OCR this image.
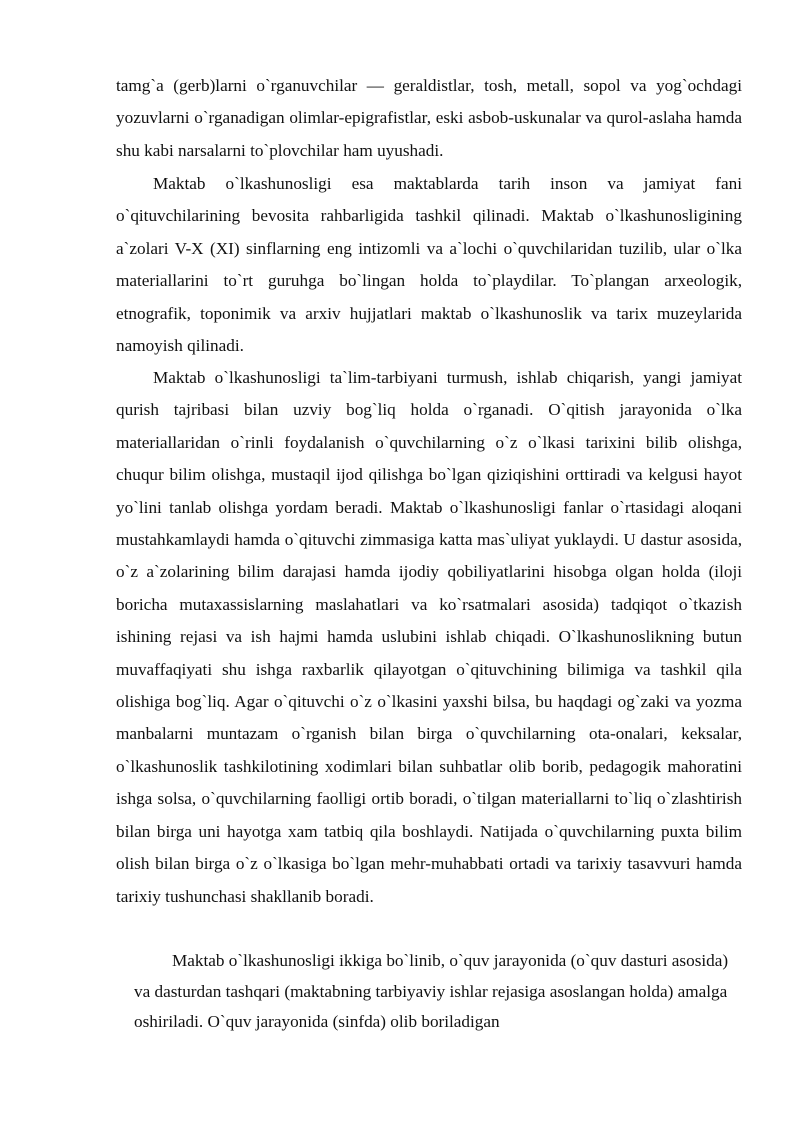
tamg`a (gerb)larni o`rganuvchilar — geraldistlar, tosh, metall, sopol va yog`ochdagi yozuvlarni o`rganadigan olimlar-epigrafistlar, eski asbob-uskunalar va qurol-aslaha hamda shu kabi narsalarni to`plovchilar ham uyushadi.

Maktab o`lkashunosligi esa maktablarda tarih inson va jamiyat fani o`qituvchilarining bevosita rahbarligida tashkil qilinadi. Maktab o`lkashunosligining a`zolari V-X (XI) sinflarning eng intizomli va a`lochi o`quvchilaridan tuzilib, ular o`lka materiallarini to`rt guruhga bo`lingan holda to`playdilar. To`plangan arxeologik, etnografik, toponimik va arxiv hujjatlari maktab o`lkashunoslik va tarix muzeylarida namoyish qilinadi.

Maktab o`lkashunosligi ta`lim-tarbiyani turmush, ishlab chiqarish, yangi jamiyat qurish tajribasi bilan uzviy bog`liq holda o`rganadi. O`qitish jarayonida o`lka materiallaridan o`rinli foydalanish o`quvchilarning o`z o`lkasi tarixini bilib olishga, chuqur bilim olishga, mustaqil ijod qilishga bo`lgan qiziqishini orttiradi va kelgusi hayot yo`lini tanlab olishga yordam beradi. Maktab o`lkashunosligi fanlar o`rtasidagi aloqani mustahkamlaydi hamda o`qituvchi zimmasiga katta mas`uliyat yuklaydi. U dastur asosida, o`z a`zolarining bilim darajasi hamda ijodiy qobiliyatlarini hisobga olgan holda (iloji boricha mutaxassislarning maslahatlari va ko`rsatmalari asosida) tadqiqot o`tkazish ishining rejasi va ish hajmi hamda uslubini ishlab chiqadi. O`lkashunoslikning butun muvaffaqiyati shu ishga raxbarlik qilayotgan o`qituvchining bilimiga va tashkil qila olishiga bog`liq. Agar o`qituvchi o`z o`lkasini yaxshi bilsa, bu haqdagi og`zaki va yozma manbalarni muntazam o`rganish bilan birga o`quvchilarning ota-onalari, keksalar, o`lkashunoslik tashkilotining xodimlari bilan suhbatlar olib borib, pedagogik mahoratini ishga solsa, o`quvchilarning faolligi ortib boradi, o`tilgan materiallarni to`liq o`zlashtirish bilan birga uni hayotga xam tatbiq qila boshlaydi. Natijada o`quvchilarning puxta bilim olish bilan birga o`z o`lkasiga bo`lgan mehr-muhabbati ortadi va tarixiy tasavvuri hamda tarixiy tushunchasi shakllanib boradi.

Maktab o`lkashunosligi ikkiga bo`linib, o`quv jarayonida (o`quv dasturi asosida) va dasturdan tashqari (maktabning tarbiyaviy ishlar rejasiga asoslangan holda) amalga oshiriladi. O`quv jarayonida (sinfda) olib boriladigan
